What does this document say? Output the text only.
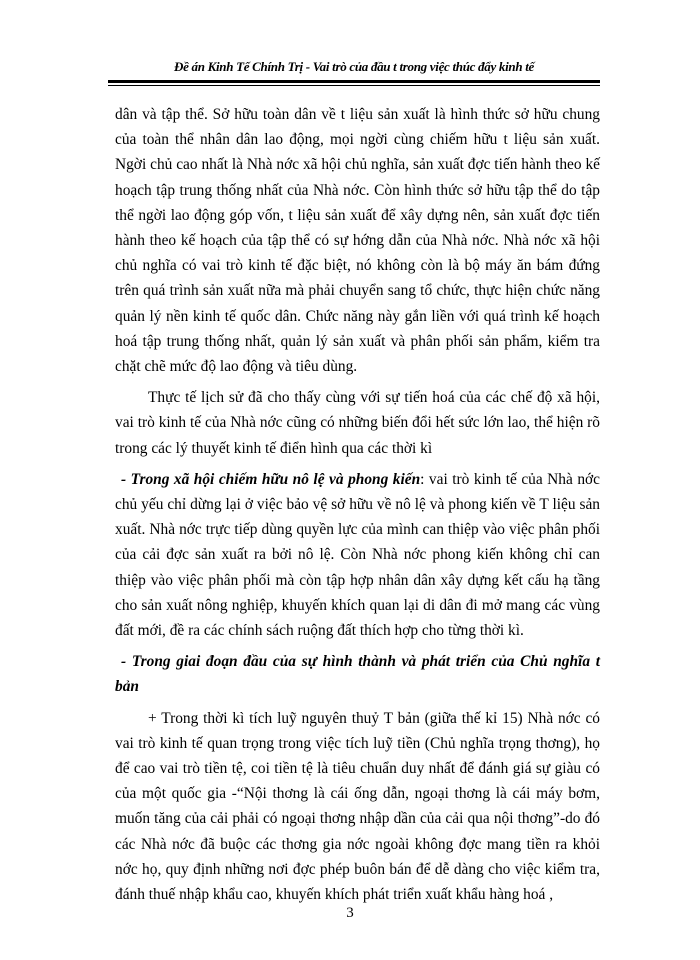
Đề án Kinh Tế Chính Trị - Vai trò của đầu t trong việc thúc đẩy kinh tế

dân và tập thể. Sở hữu toàn dân về t liệu sản xuất là hình thức sở hữu chung của toàn thể nhân dân lao động, mọi ngời cùng chiếm hữu t liệu sản xuất. Ngời chủ cao nhất là Nhà nớc xã hội chủ nghĩa, sản xuất đợc tiến hành theo kế hoạch tập trung thống nhất của Nhà nớc. Còn hình thức sở hữu tập thể do tập thể ngời lao động góp vốn, t liệu sản xuất để xây dựng nên, sản xuất đợc tiến hành theo kế hoạch của tập thể có sự hớng dẫn của Nhà nớc. Nhà nớc xã hội chủ nghĩa có vai trò kinh tế đặc biệt, nó không còn là bộ máy ăn bám đứng trên quá trình sản xuất nữa mà phải chuyển sang tổ chức, thực hiện chức năng quản lý nền kinh tế quốc dân. Chức năng này gắn liền với quá trình kế hoạch hoá tập trung thống nhất, quản lý sản xuất và phân phối sản phẩm, kiểm tra chặt chẽ mức độ lao động và tiêu dùng.

Thực tế lịch sử đã cho thấy cùng với sự tiến hoá của các chế độ xã hội, vai trò kinh tế của Nhà nớc cũng có những biến đổi hết sức lớn lao, thể hiện rõ trong các lý thuyết kinh tế điển hình qua các thời kì

- Trong xã hội chiếm hữu nô lệ và phong kiến: vai trò kinh tế của Nhà nớc chủ yếu chỉ dừng lại ở việc bảo vệ sở hữu về nô lệ và phong kiến về T liệu sản xuất. Nhà nớc trực tiếp dùng quyền lực của mình can thiệp vào việc phân phối của cải đợc sản xuất ra bởi nô lệ. Còn Nhà nớc phong kiến không chỉ can thiệp vào việc phân phối mà còn tập hợp nhân dân xây dựng kết cấu hạ tầng cho sản xuất nông nghiệp, khuyến khích quan lại di dân đi mở mang các vùng đất mới, đề ra các chính sách ruộng đất thích hợp cho từng thời kì.

- Trong giai đoạn đầu của sự hình thành và phát triển của Chủ nghĩa t bản

+ Trong thời kì tích luỹ nguyên thuỷ T bản (giữa thế kỉ 15) Nhà nớc có vai trò kinh tế quan trọng trong việc tích luỹ tiền (Chủ nghĩa trọng thơng), họ để cao vai trò tiền tệ, coi tiền tệ là tiêu chuẩn duy nhất để đánh giá sự giàu có của một quốc gia -“Nội thơng là cái ống dẫn, ngoại thơng là cái máy bơm, muốn tăng của cải phải có ngoại thơng nhập dần của cải qua nội thơng”-do đó các Nhà nớc đã buộc các thơng gia nớc ngoài không đợc mang tiền ra khỏi nớc họ, quy định những nơi đợc phép buôn bán để dễ dàng cho việc kiểm tra, đánh thuế nhập khẩu cao, khuyến khích phát triển xuất khẩu hàng hoá ,

3
